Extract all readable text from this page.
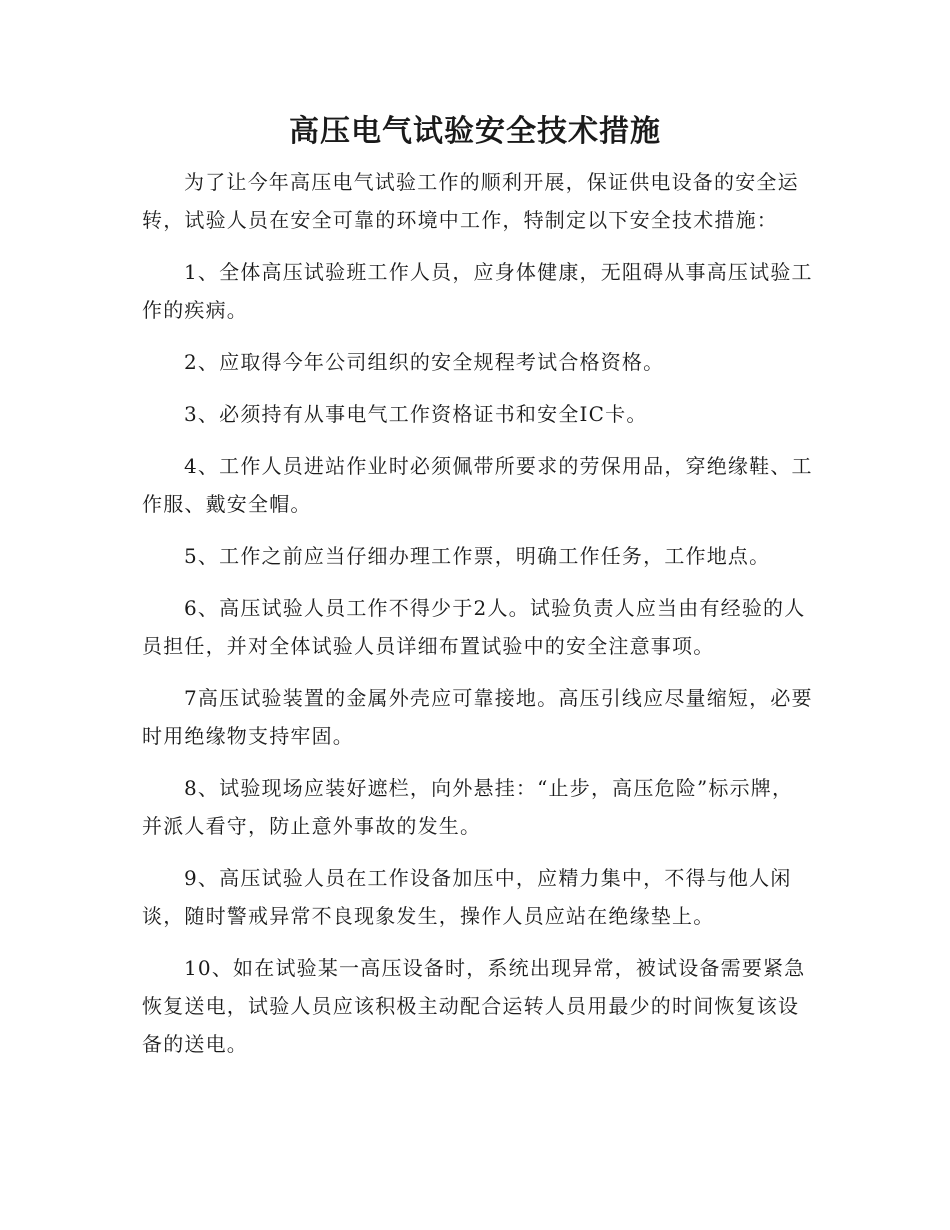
高压电气试验安全技术措施

为了让今年高压电气试验工作的顺利开展，保证供电设备的安全运转，试验人员在安全可靠的环境中工作，特制定以下安全技术措施：

1、全体高压试验班工作人员，应身体健康，无阻碍从事高压试验工作的疾病。

2、应取得今年公司组织的安全规程考试合格资格。

3、必须持有从事电气工作资格证书和安全IC卡。

4、工作人员进站作业时必须佩带所要求的劳保用品，穿绝缘鞋、工作服、戴安全帽。

5、工作之前应当仔细办理工作票，明确工作任务，工作地点。

6、高压试验人员工作不得少于2人。试验负责人应当由有经验的人员担任，并对全体试验人员详细布置试验中的安全注意事项。

7高压试验装置的金属外壳应可靠接地。高压引线应尽量缩短，必要时用绝缘物支持牢固。

8、试验现场应装好遮栏，向外悬挂：“止步，高压危险”标示牌，并派人看守，防止意外事故的发生。

9、高压试验人员在工作设备加压中，应精力集中，不得与他人闲谈，随时警戒异常不良现象发生，操作人员应站在绝缘垫上。

10、如在试验某一高压设备时，系统出现异常，被试设备需要紧急恢复送电，试验人员应该积极主动配合运转人员用最少的时间恢复该设备的送电。
